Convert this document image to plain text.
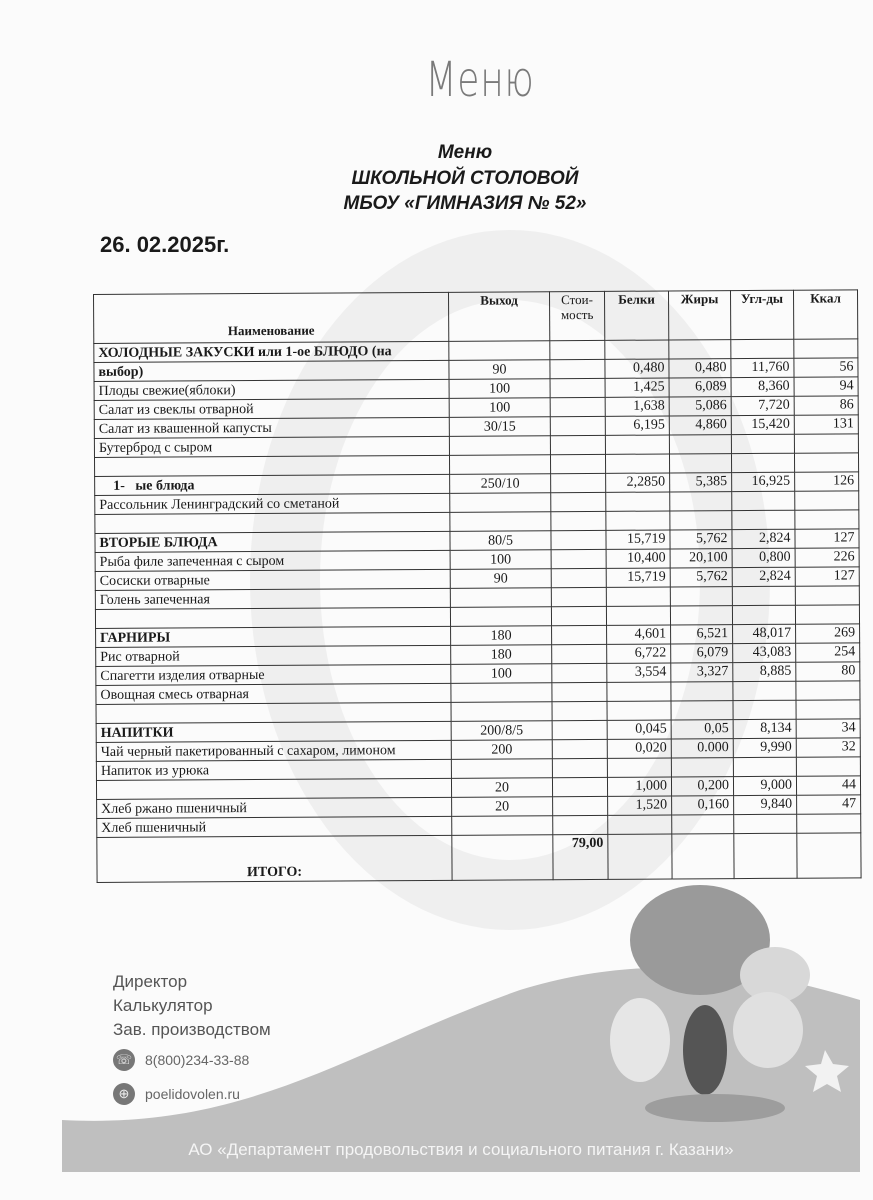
Меню
Меню
ШКОЛЬНОЙ СТОЛОВОЙ
МБОУ «ГИМНАЗИЯ № 52»
26. 02.2025г.
Наименование	Выход	Стои-мость	Белки	Жиры	Угл-ды	Ккал
ХОЛОДНЫЕ ЗАКУСКИ или 1-ое БЛЮДО (на						
выбор)	90		0,480	0,480	11,760	56
Плоды свежие(яблоки)	100		1,425	6,089	8,360	94
Салат из свеклы отварной	100		1,638	5,086	7,720	86
Салат из квашенной капусты	30/15		6,195	4,860	15,420	131
Бутерброд с сыром						

1-   ые блюда	250/10		2,2850	5,385	16,925	126
Рассольник Ленинградский со сметаной						

ВТОРЫЕ БЛЮДА	80/5		15,719	5,762	2,824	127
Рыба филе запеченная с сыром	100		10,400	20,100	0,800	226
Сосиски отварные	90		15,719	5,762	2,824	127
Голень запеченная						

ГАРНИРЫ	180		4,601	6,521	48,017	269
Рис отварной	180		6,722	6,079	43,083	254
Спагетти изделия отварные	100		3,554	3,327	8,885	80
Овощная смесь отварная						

НАПИТКИ	200/8/5		0,045	0,05	8,134	34
Чай черный пакетированный с сахаром, лимоном	200		0,020	0.000	9,990	32
Напиток из урюка						
	20		1,000	0,200	9,000	44
Хлеб ржано пшеничный	20		1,520	0,160	9,840	47
Хлеб пшеничный						
ИТОГО:		79,00				
Директор
Калькулятор
Зав. производством
☏ 8(800)234-33-88
⊕	poelidovolen.ru
АО «Департамент продовольствия и социального питания г. Казани»
